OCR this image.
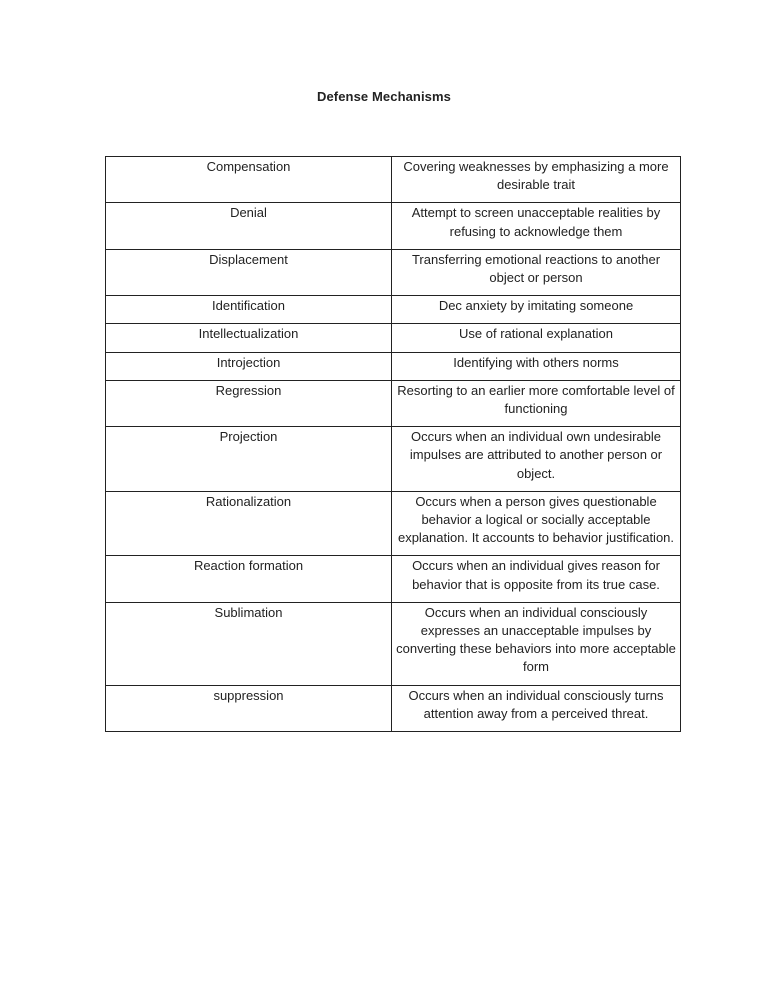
Defense Mechanisms
Compensation	Covering weaknesses by emphasizing a more desirable trait
Denial	Attempt to screen unacceptable realities by refusing to acknowledge them
Displacement	Transferring emotional reactions to another object or person
Identification	Dec anxiety by imitating someone
Intellectualization	Use of rational explanation
Introjection	Identifying with others norms
Regression	Resorting to an earlier more comfortable level of functioning
Projection	Occurs when an individual own undesirable impulses are attributed to another person or object.
Rationalization	Occurs when a person gives questionable behavior a logical or socially acceptable explanation. It accounts to behavior justification.
Reaction formation	Occurs when an individual gives reason for behavior that is opposite from its true case.
Sublimation	Occurs when an individual consciously expresses an unacceptable impulses by converting these behaviors into more acceptable form
suppression	Occurs when an individual consciously turns attention away from a perceived threat.
